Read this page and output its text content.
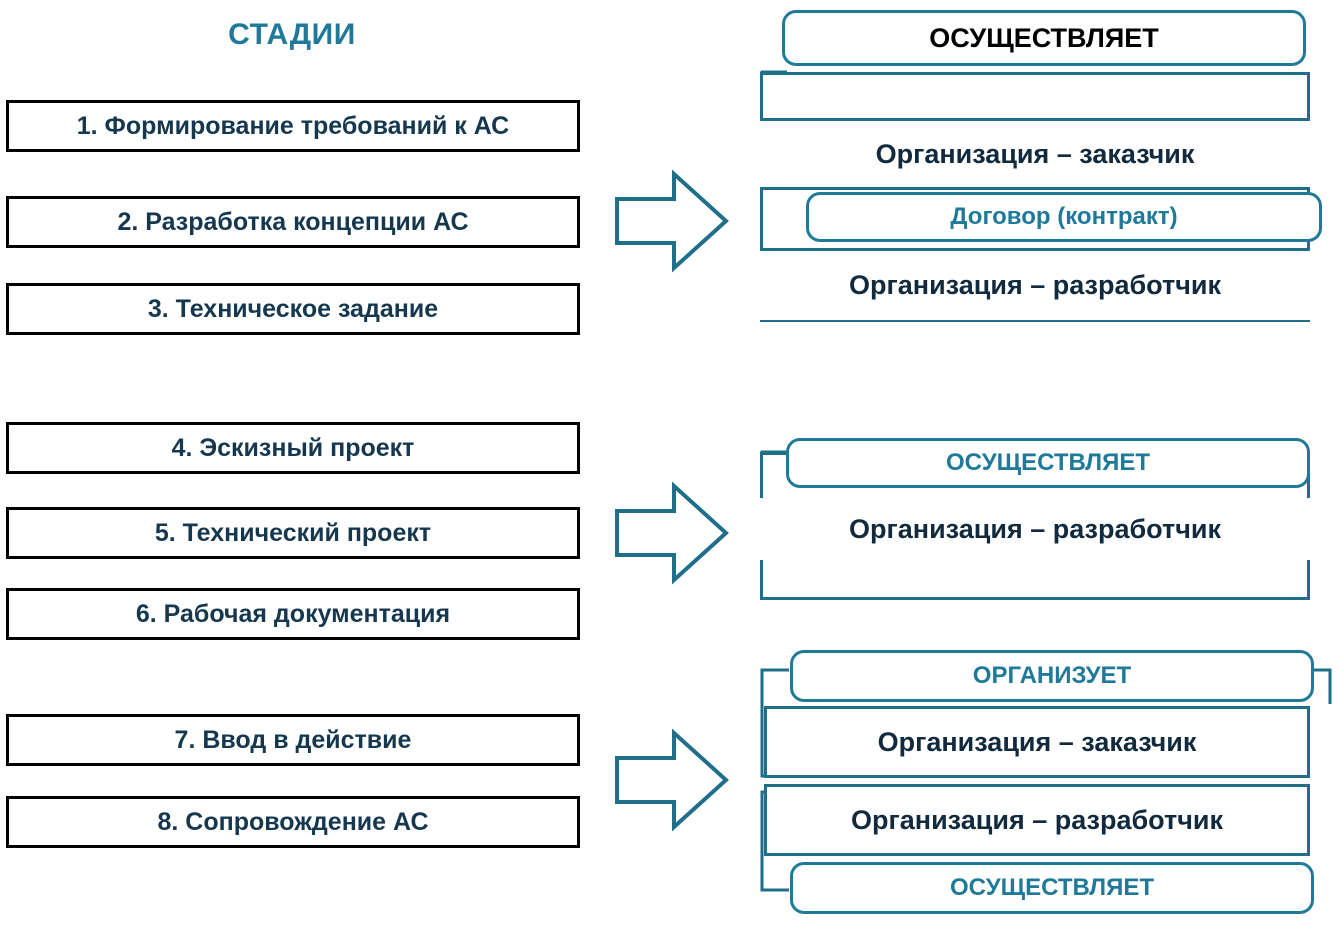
СТАДИИ
1. Формирование требований к АС
2. Разработка концепции АС
3. Техническое задание
4. Эскизный проект
5. Технический проект
6. Рабочая документация
7. Ввод в действие
8. Сопровождение АС
ОСУЩЕСТВЛЯЕТ
Организация – заказчик
Договор (контракт)
Организация – разработчик
ОСУЩЕСТВЛЯЕТ
Организация – разработчик
ОРГАНИЗУЕТ
Организация – заказчик
Организация – разработчик
ОСУЩЕСТВЛЯЕТ
